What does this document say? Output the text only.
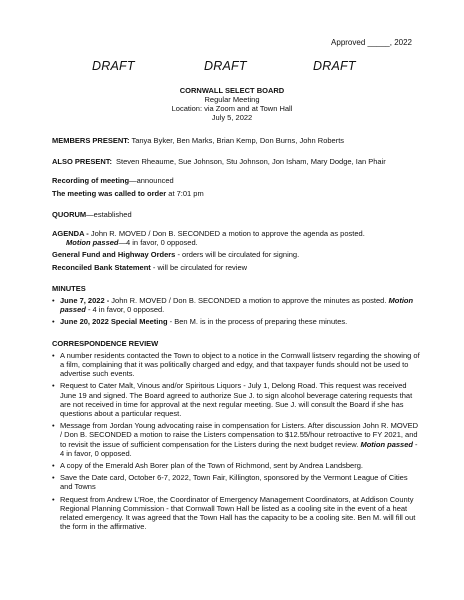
Approved _____, 2022
DRAFT	DRAFT	DRAFT
CORNWALL SELECT BOARD
Regular Meeting
Location: via Zoom and at Town Hall
July 5, 2022
MEMBERS PRESENT: Tanya Byker, Ben Marks, Brian Kemp, Don Burns, John Roberts
ALSO PRESENT: Steven Rheaume, Sue Johnson, Stu Johnson, Jon Isham, Mary Dodge, Ian Phair
Recording of meeting—announced
The meeting was called to order at 7:01 pm
QUORUM—established
AGENDA - John R. MOVED / Don B. SECONDED a motion to approve the agenda as posted.
Motion passed—4 in favor, 0 opposed.
General Fund and Highway Orders - orders will be circulated for signing.
Reconciled Bank Statement - will be circulated for review
MINUTES
• June 7, 2022 - John R. MOVED / Don B. SECONDED a motion to approve the minutes as posted. Motion passed - 4 in favor, 0 opposed.
• June 20, 2022 Special Meeting - Ben M. is in the process of preparing these minutes.
CORRESPONDENCE REVIEW
• A number residents contacted the Town to object to a notice in the Cornwall listserv regarding the showing of a film, complaining that it was politically charged and edgy, and that taxpayer funds should not be used to advertise such events.
• Request to Cater Malt, Vinous and/or Spiritous Liquors - July 1, Delong Road. This request was received June 19 and signed. The Board agreed to authorize Sue J. to sign alcohol beverage catering requests that are not received in time for approval at the next regular meeting. Sue J. will consult the Board if she has questions about a particular request.
• Message from Jordan Young advocating raise in compensation for Listers. After discussion John R. MOVED / Don B. SECONDED a motion to raise the Listers compensation to $12.55/hour retroactive to FY 2021, and to revisit the issue of sufficient compensation for the Listers during the next budget review. Motion passed - 4 in favor, 0 opposed.
• A copy of the Emerald Ash Borer plan of the Town of Richmond, sent by Andrea Landsberg.
• Save the Date card, October 6-7, 2022, Town Fair, Killington, sponsored by the Vermont League of Cities and Towns
• Request from Andrew L’Roe, the Coordinator of Emergency Management Coordinators, at Addison County Regional Planning Commission - that Cornwall Town Hall be listed as a cooling site in the event of a heat related emergency. It was agreed that the Town Hall has the capacity to be a cooling site. Ben M. will fill out the form in the affirmative.
